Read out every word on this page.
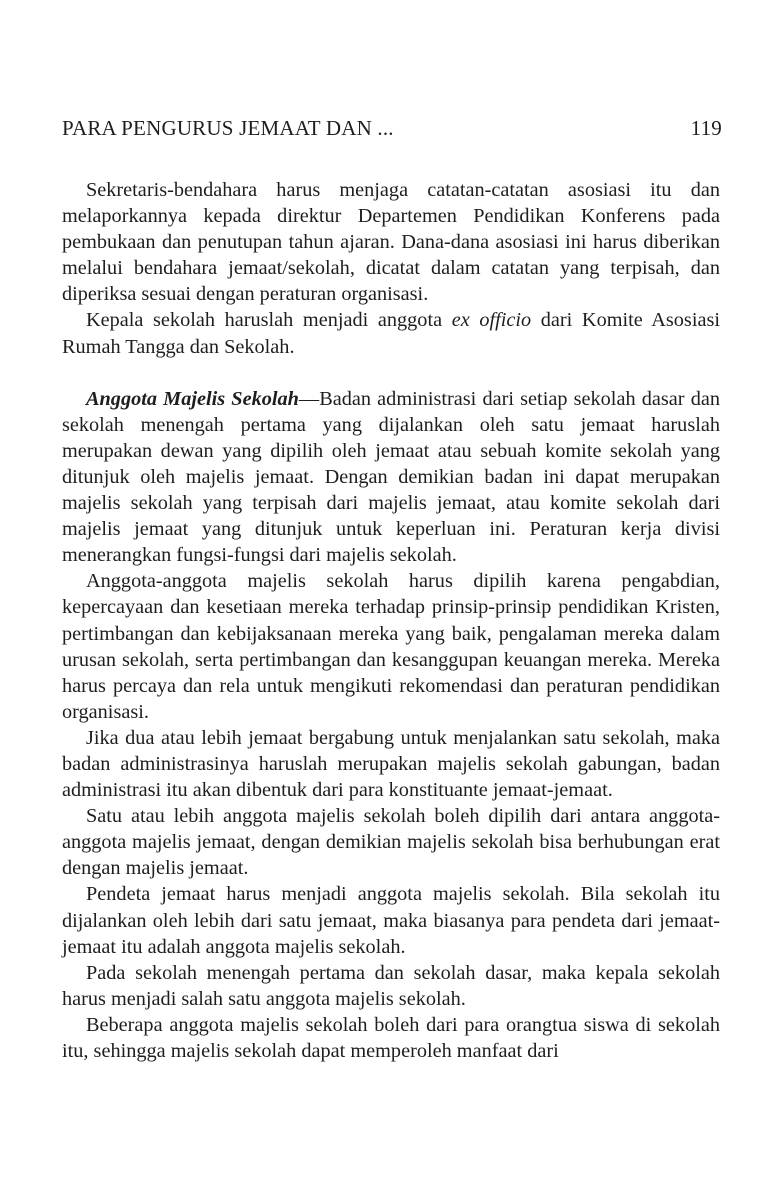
PARA PENGURUS JEMAAT DAN ...	119

Sekretaris-bendahara harus menjaga catatan-catatan asosiasi itu dan melaporkannya kepada direktur Departemen Pendidikan Konferens pada pembukaan dan penutupan tahun ajaran. Dana-dana asosiasi ini harus diberikan melalui bendahara jemaat/sekolah, dicatat dalam catatan yang terpisah, dan diperiksa sesuai dengan peraturan organisasi.

Kepala sekolah haruslah menjadi anggota ex officio dari Komite Asosiasi Rumah Tangga dan Sekolah.

Anggota Majelis Sekolah—Badan administrasi dari setiap sekolah dasar dan sekolah menengah pertama yang dijalankan oleh satu jemaat haruslah merupakan dewan yang dipilih oleh jemaat atau sebuah komite sekolah yang ditunjuk oleh majelis jemaat. Dengan demikian badan ini dapat merupakan majelis sekolah yang terpisah dari majelis jemaat, atau komite sekolah dari majelis jemaat yang ditunjuk untuk keperluan ini. Peraturan kerja divisi menerangkan fungsi-fungsi dari majelis sekolah.

Anggota-anggota majelis sekolah harus dipilih karena pengabdian, kepercayaan dan kesetiaan mereka terhadap prinsip-prinsip pendidikan Kristen, pertimbangan dan kebijaksanaan mereka yang baik, pengalaman mereka dalam urusan sekolah, serta pertimbangan dan kesanggupan keuangan mereka. Mereka harus percaya dan rela untuk mengikuti rekomendasi dan peraturan pendidikan organisasi.

Jika dua atau lebih jemaat bergabung untuk menjalankan satu sekolah, maka badan administrasinya haruslah merupakan majelis sekolah gabungan, badan administrasi itu akan dibentuk dari para konstituante jemaat-jemaat.

Satu atau lebih anggota majelis sekolah boleh dipilih dari antara anggota-anggota majelis jemaat, dengan demikian majelis sekolah bisa berhubungan erat dengan majelis jemaat.

Pendeta jemaat harus menjadi anggota majelis sekolah. Bila sekolah itu dijalankan oleh lebih dari satu jemaat, maka biasanya para pendeta dari jemaat-jemaat itu adalah anggota majelis sekolah.

Pada sekolah menengah pertama dan sekolah dasar, maka kepala sekolah harus menjadi salah satu anggota majelis sekolah.

Beberapa anggota majelis sekolah boleh dari para orangtua siswa di sekolah itu, sehingga majelis sekolah dapat memperoleh manfaat dari
